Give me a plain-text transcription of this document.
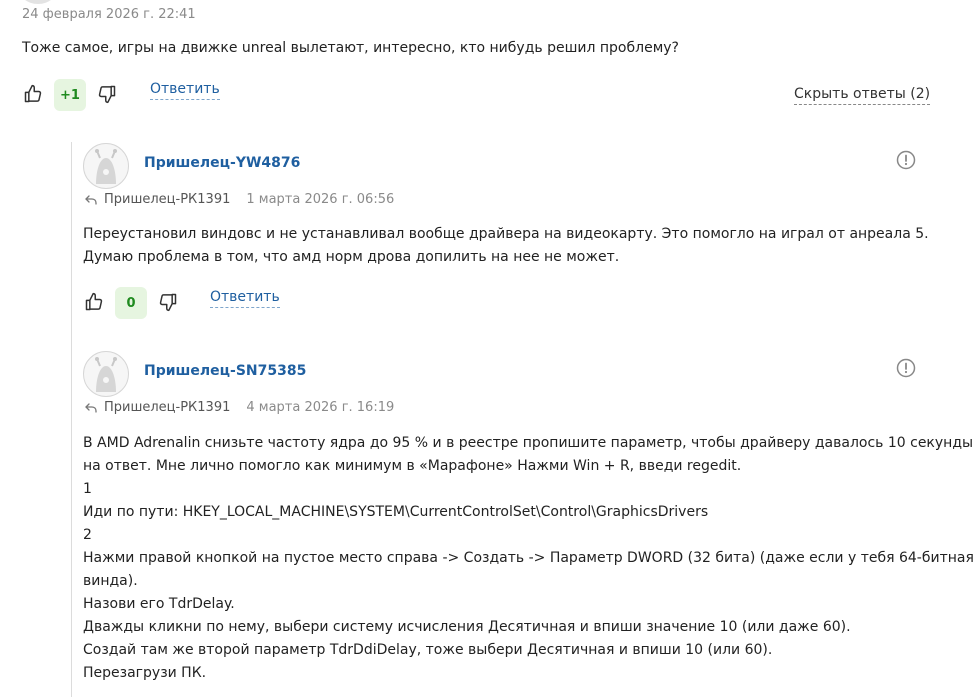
24 февраля 2026 г. 22:41
Тоже самое, игры на движке unreal вылетают, интересно, кто нибудь решил проблему?
+1	Ответить	Скрыть ответы (2)
Пришелец-YW4876
Пришелец-РК1391 1 марта 2026 г. 06:56
Переустановил виндовс и не устанавливал вообще драйвера на видеокарту. Это помогло на играл от анреала 5.
Думаю проблема в том, что амд норм дрова допилить на нее не может.
0	Ответить
Пришелец-SN75385
Пришелец-РК1391 4 марта 2026 г. 16:19
В AMD Adrenalin снизьте частоту ядра до 95 % и в реестре пропишите параметр, чтобы драйверу давалось 10 секунды
на ответ. Мне лично помогло как минимум в «Марафоне» Нажми Win + R, введи regedit.
1
Иди по пути: HKEY_LOCAL_MACHINE\SYSTEM\CurrentControlSet\Control\GraphicsDrivers
2
Нажми правой кнопкой на пустое место справа -> Создать -> Параметр DWORD (32 бита) (даже если у тебя 64-битная
винда).
Назови его TdrDelay.
Дважды кликни по нему, выбери систему исчисления Десятичная и впиши значение 10 (или даже 60).
Создай там же второй параметр TdrDdiDelay, тоже выбери Десятичная и впиши 10 (или 60).
Перезагрузи ПК.
